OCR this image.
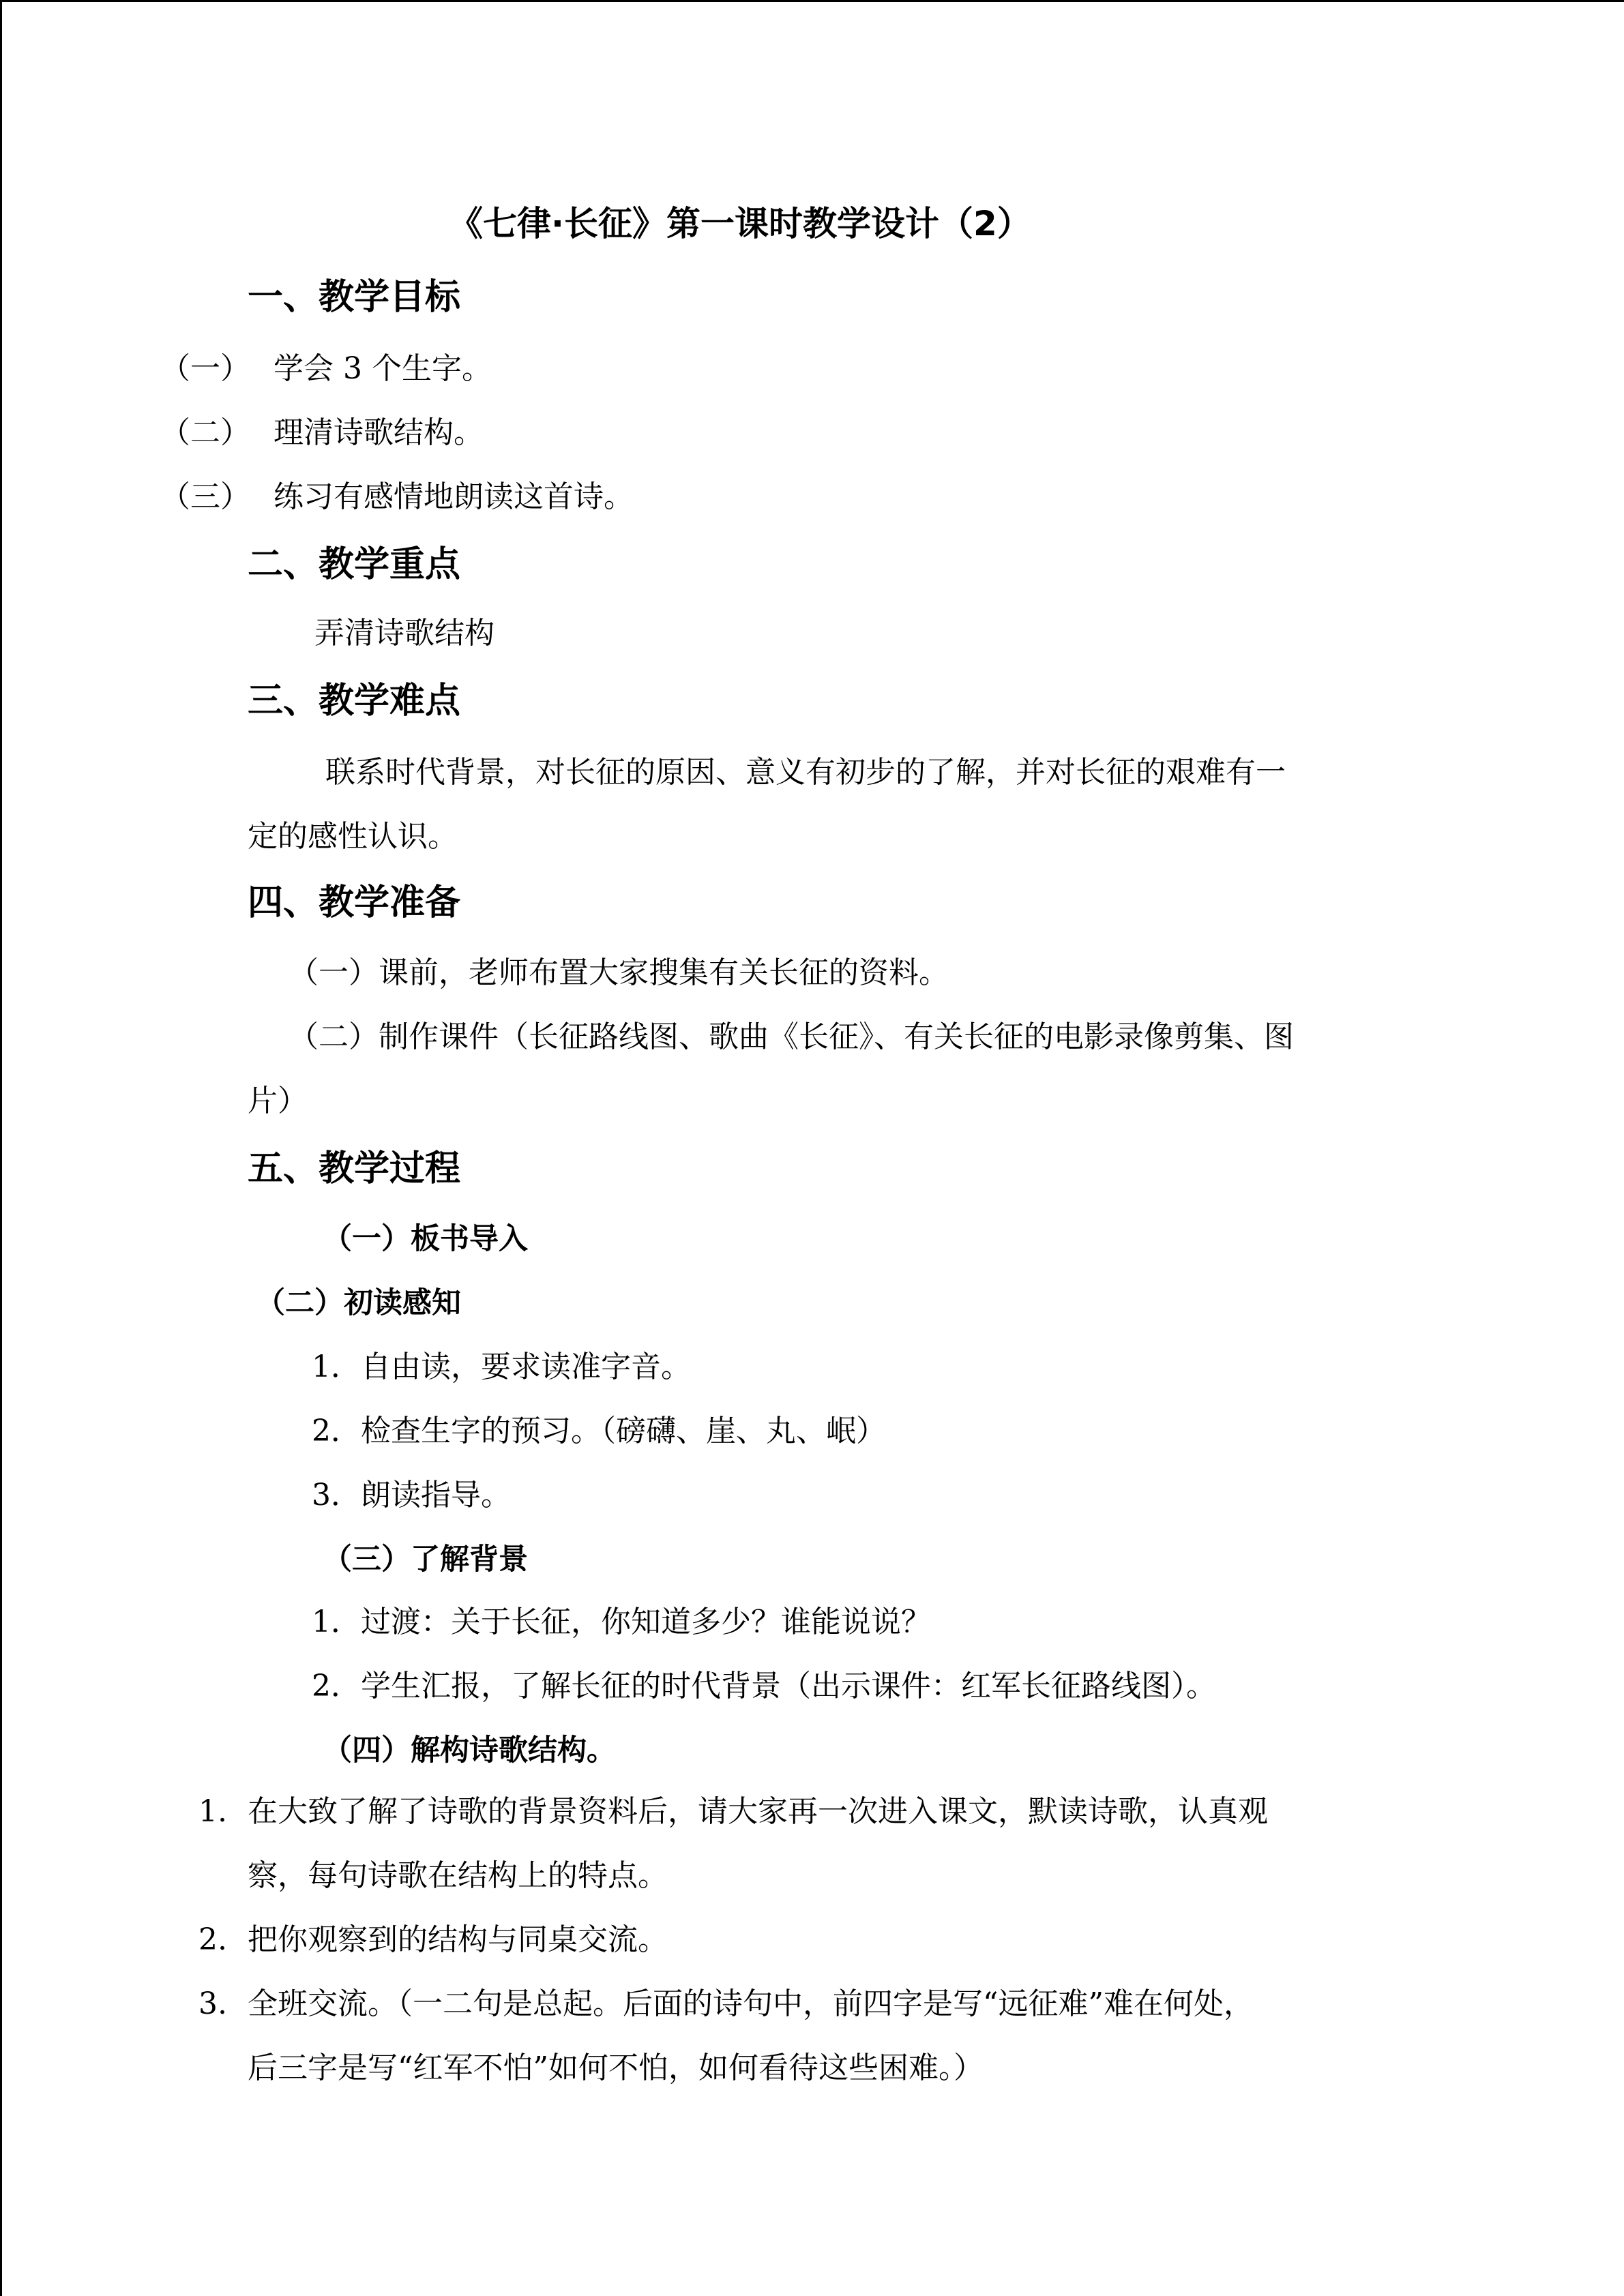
《七律·长征》第一课时教学设计（2）
一、教学目标
（一） 学会 3 个生字。
（二） 理清诗歌结构。
（三） 练习有感情地朗读这首诗。
二、教学重点
弄清诗歌结构
三、教学难点
联系时代背景，对长征的原因、意义有初步的了解，并对长征的艰难有一
定的感性认识。
四、教学准备
（一）课前，老师布置大家搜集有关长征的资料。
（二）制作课件（长征路线图、歌曲《长征》、有关长征的电影录像剪集、图
片）
五、教学过程
（一）板书导入
（二）初读感知
1．自由读，要求读准字音。
2．检查生字的预习。（磅礴、崖、丸、岷）
3．朗读指导。
（三）了解背景
1．过渡：关于长征，你知道多少？谁能说说？
2．学生汇报，了解长征的时代背景（出示课件：红军长征路线图）。
（四）解构诗歌结构。
1. 在大致了解了诗歌的背景资料后，请大家再一次进入课文，默读诗歌，认真观
察，每句诗歌在结构上的特点。
2. 把你观察到的结构与同桌交流。
3. 全班交流。（一二句是总起。后面的诗句中，前四字是写“远征难”难在何处，
后三字是写“红军不怕”如何不怕，如何看待这些困难。）
